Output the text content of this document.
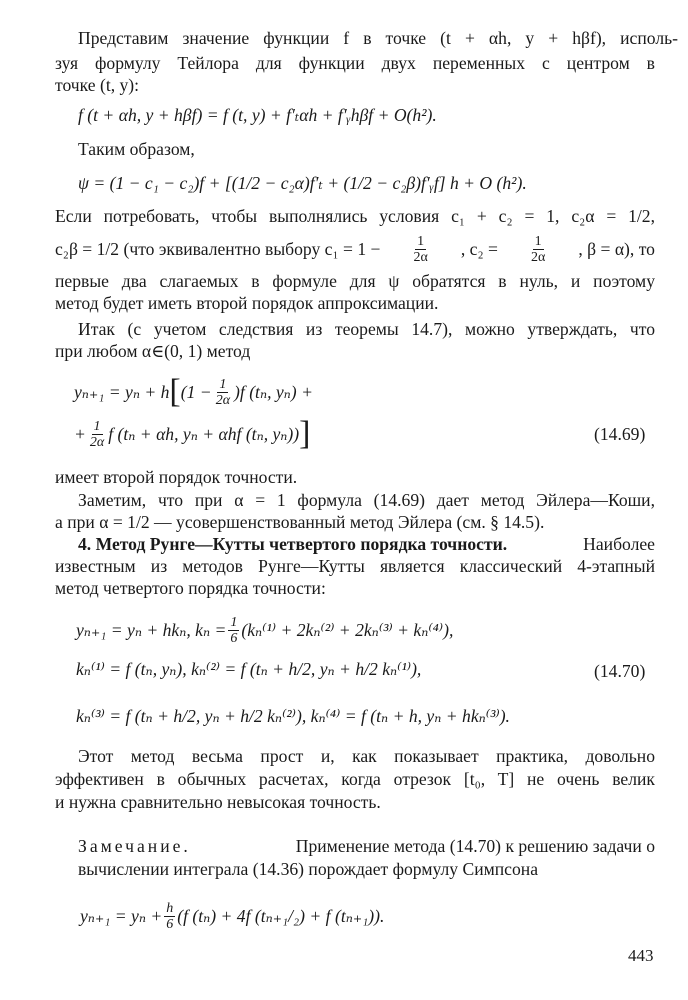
Представим значение функции f в точке (t + αh, y + hβf), исполь-
зуя формулу Тейлора для функции двух переменных с центром в
точке (t, y):
f (t + αh, y + hβf) = f (t, y) + f′ₜαh + f′ᵧhβf + O(h²).
Таким образом,
ψ = (1 − c₁ − c₂)f + [(1/2 − c₂α)f′ₜ + (1/2 − c₂β)f′ᵧf] h + O (h²).
Если потребовать, чтобы выполнялись условия c₁ + c₂ = 1, c₂α = 1/2,
c₂β = 1/2 (что эквивалентно выбору $c_1 = 1 - \frac{1}{2\alpha}$ , $c_2 = \frac{1}{2\alpha}$ , β = α), то
первые два слагаемых в формуле для ψ обратятся в нуль, и поэтому
метод будет иметь второй порядок аппроксимации.
Итак (с учетом следствия из теоремы 14.7), можно утверждать, что
при любом α∈(0, 1) метод
yₙ₊₁ = yₙ + h [ $(1 - \frac{1}{2\alpha} )f$ (tₙ, yₙ) +
+ $\frac{1}{2\alpha}$ f (tₙ + αh, yₙ + αhf (tₙ, yₙ)) ]	(14.69)
имеет второй порядок точности.
Заметим, что при α = 1 формула (14.69) дает метод Эйлера—Коши,
а при α = 1/2 — усовершенствованный метод Эйлера (см. § 14.5).
4. Метод Рунге—Кутты четвертого порядка точности.	Наиболее
известным из методов Рунге—Кутты является классический 4-этапный
метод четвертого порядка точности:
yₙ₊₁ = yₙ + hkₙ, $k_n = \frac{1}{6} (k_n^{(1)} + 2k_n^{(2)} + 2k_n^{(3)} + k_n^{(4)})$,
kₙ⁽¹⁾ = f (tₙ, yₙ), kₙ⁽²⁾ = f (tₙ + h/2, yₙ + h/2 kₙ⁽¹⁾),	(14.70)
kₙ⁽³⁾ = f (tₙ + h/2, yₙ + h/2 kₙ⁽²⁾), kₙ⁽⁴⁾ = f (tₙ + h, yₙ + hkₙ⁽³⁾).
Этот метод весьма прост и, как показывает практика, довольно
эффективен в обычных расчетах, когда отрезок [t₀, T] не очень велик
и нужна сравнительно невысокая точность.
Замечание.	Применение метода (14.70) к решению задачи о
вычислении интеграла (14.36) порождает формулу Симпсона
$y_{n+1} = y_n + \frac{h}{6} (f$ (tₙ) + 4f (tₙ₊₁/₂) + f (tₙ₊₁)).
443
